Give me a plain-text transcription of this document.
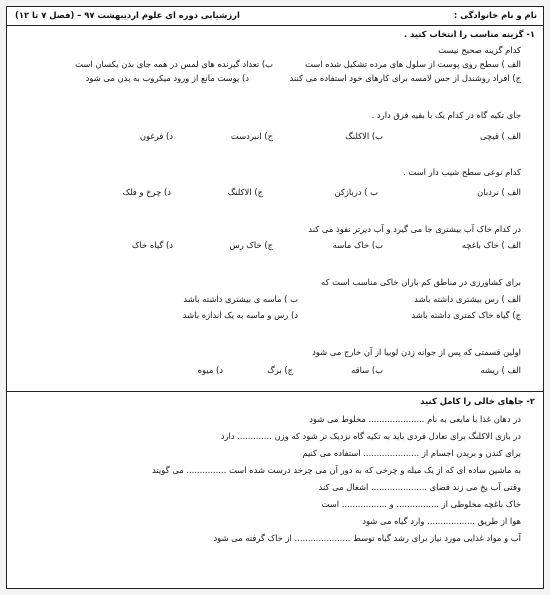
نام و نام خانوادگی :
ارزشیابی دوره ای علوم اردیبهشت ۹۷ – (فصل ۷ تا ۱۲)
۱- گزینه مناسب را انتخاب کنید .
کدام گزینه صحیح نیست
الف ) سطح روی پوست از سلول های مرده تشکیل شده است
ب) تعداد گیرنده های لمس در همه جای بدن یکسان است
ج) افراد روشندل از حس لامسه برای کارهای خود استفاده می کنند
د) پوست مانع از ورود میکروب به بدن می شود
جای تکیه گاه در کدام یک با بقیه فرق دارد .
الف ) قیچی
ب) الاکلنگ
ج) انبردست
د) فرغون
کدام نوعی سطح شیب دار است .
الف ) نردبان
ب ) دربازکن
ج) الاکلنگ
د) چرخ و فلک
در کدام خاک آب بیشتری جا می گیرد و آب دیرتر نفوذ می کند
الف ) خاک باغچه
ب) خاک ماسه
ج) خاک رس
د) گیاه خاک
برای کشاورزی در مناطق کم باران خاکی مناسب است که
الف ) رس بیشتری داشته باشد
ب ) ماسه ی بیشتری داشته باشد
ج) گیاه خاک کمتری داشته باشد
د) رس و ماسه به یک اندازه باشد
اولین قسمتی که پس از جوانه زدن لوبیا از آن خارج می شود
الف ) ریشه
ب) ساقه
ج) برگ
د) میوه
۲- جاهای خالی را کامل کنید
در دهان غذا با مایعی به نام ..................... مخلوط می شود
در بازی الاکلنگ برای تعادل فردی باید به تکیه گاه نزدیک تر شود که وزن ............. دارد
برای کندن و بریدن اجسام از ..................... استفاده می کنیم
به ماشین ساده ای که از یک میله و چرخی که به دور آن می چرخد درست شده است ............... می گویند
وقتی آب یخ می زند فضای ..................... اشغال می کند
خاک باغچه مخلوطی از ................ و ................. است
هوا از طریق .................. وارد گیاه می شود
آب و مواد غذایی مورد نیاز برای رشد گیاه توسط ..................... از خاک گرفته می شود
